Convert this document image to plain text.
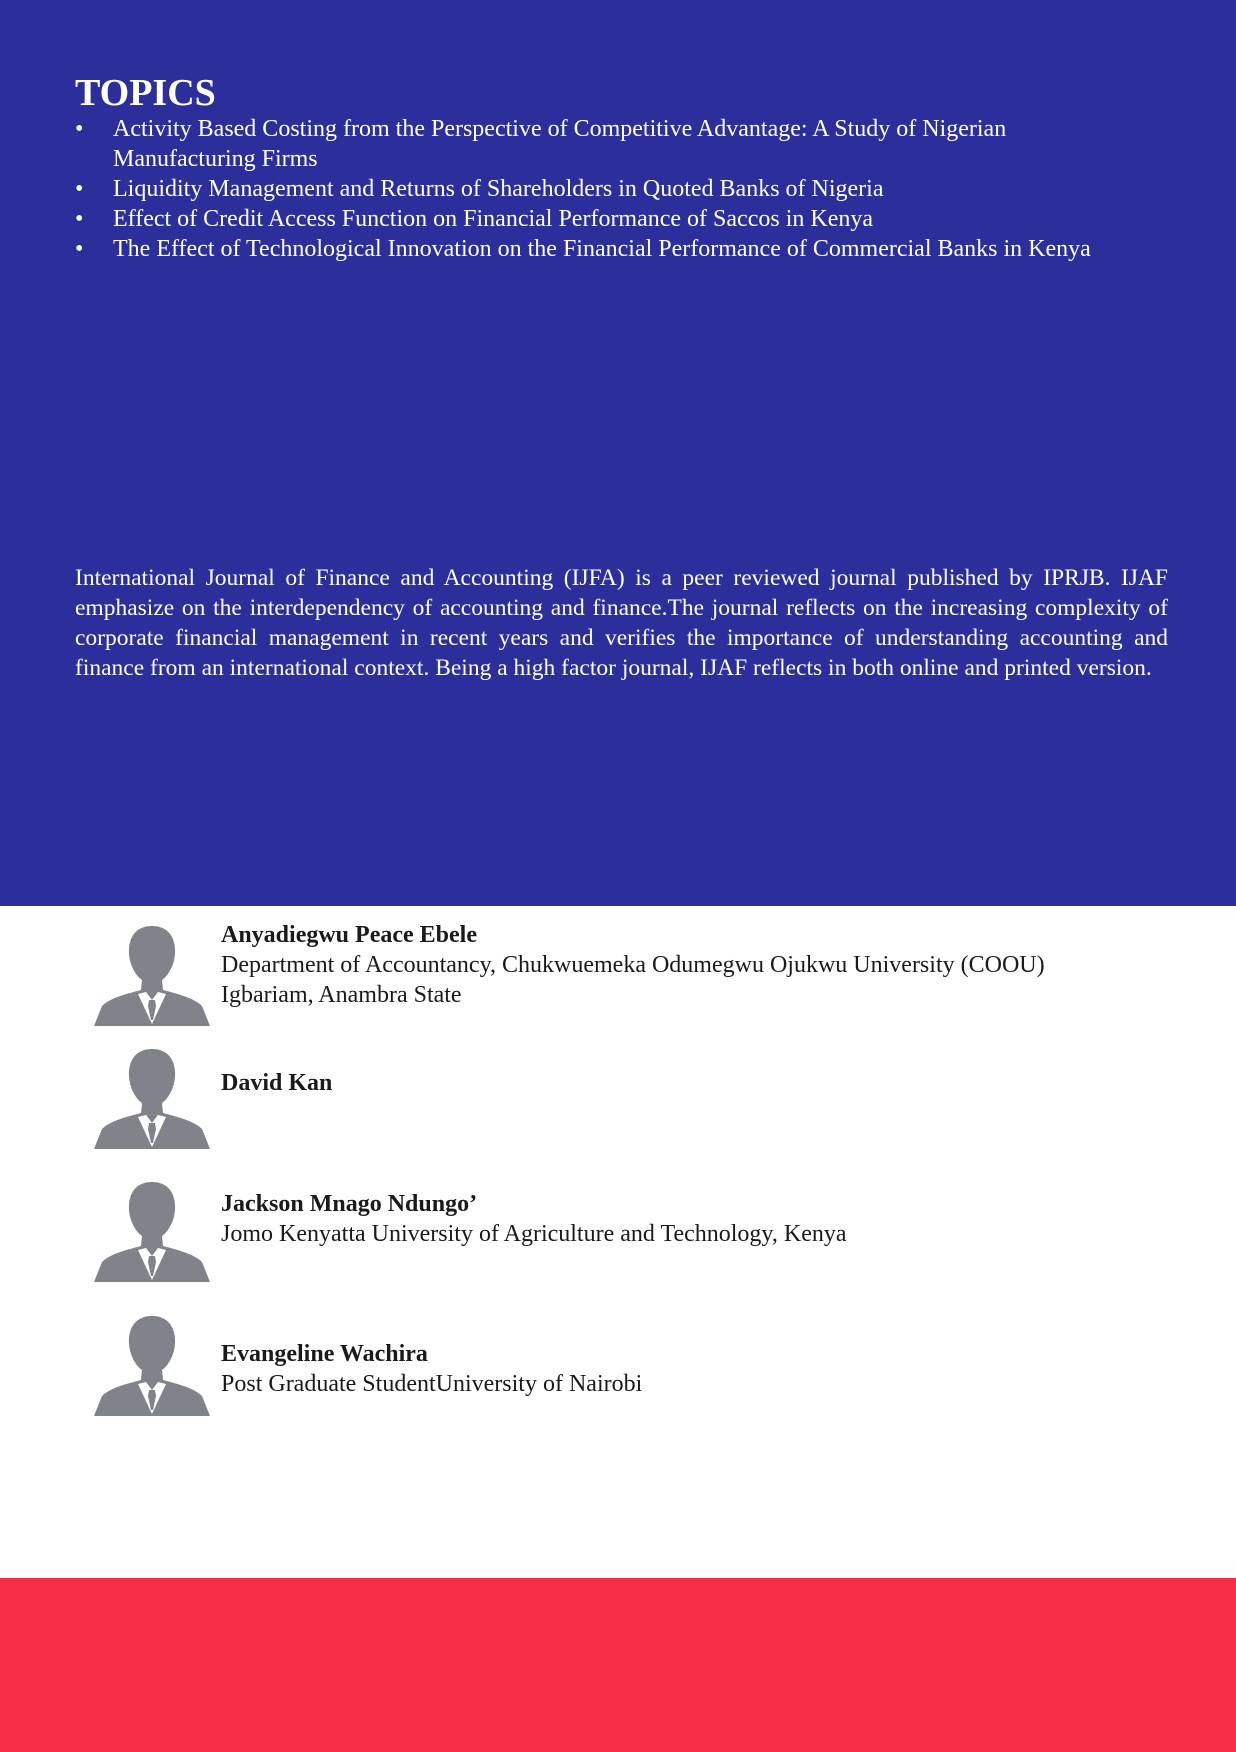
TOPICS
• Activity Based Costing from the Perspective of Competitive Advantage: A Study of Nigerian
Manufacturing Firms
• Liquidity Management and Returns of Shareholders in Quoted Banks of Nigeria
• Effect of Credit Access Function on Financial Performance of Saccos in Kenya
• The Effect of Technological Innovation on the Financial Performance of Commercial Banks in Kenya

International Journal of Finance and Accounting (IJFA) is a peer reviewed journal published by IPRJB. IJAF emphasize on the interdependency of accounting and finance.The journal reflects on the increasing complexity of corporate financial management in recent years and verifies the importance of understanding accounting and finance from an international context. Being a high factor journal, IJAF reflects in both online and printed version.

Anyadiegwu Peace Ebele
Department of Accountancy, Chukwuemeka Odumegwu Ojukwu University (COOU)
Igbariam, Anambra State
David Kan
Jackson Mnago Ndungo’
Jomo Kenyatta University of Agriculture and Technology, Kenya
Evangeline Wachira
Post Graduate StudentUniversity of Nairobi
